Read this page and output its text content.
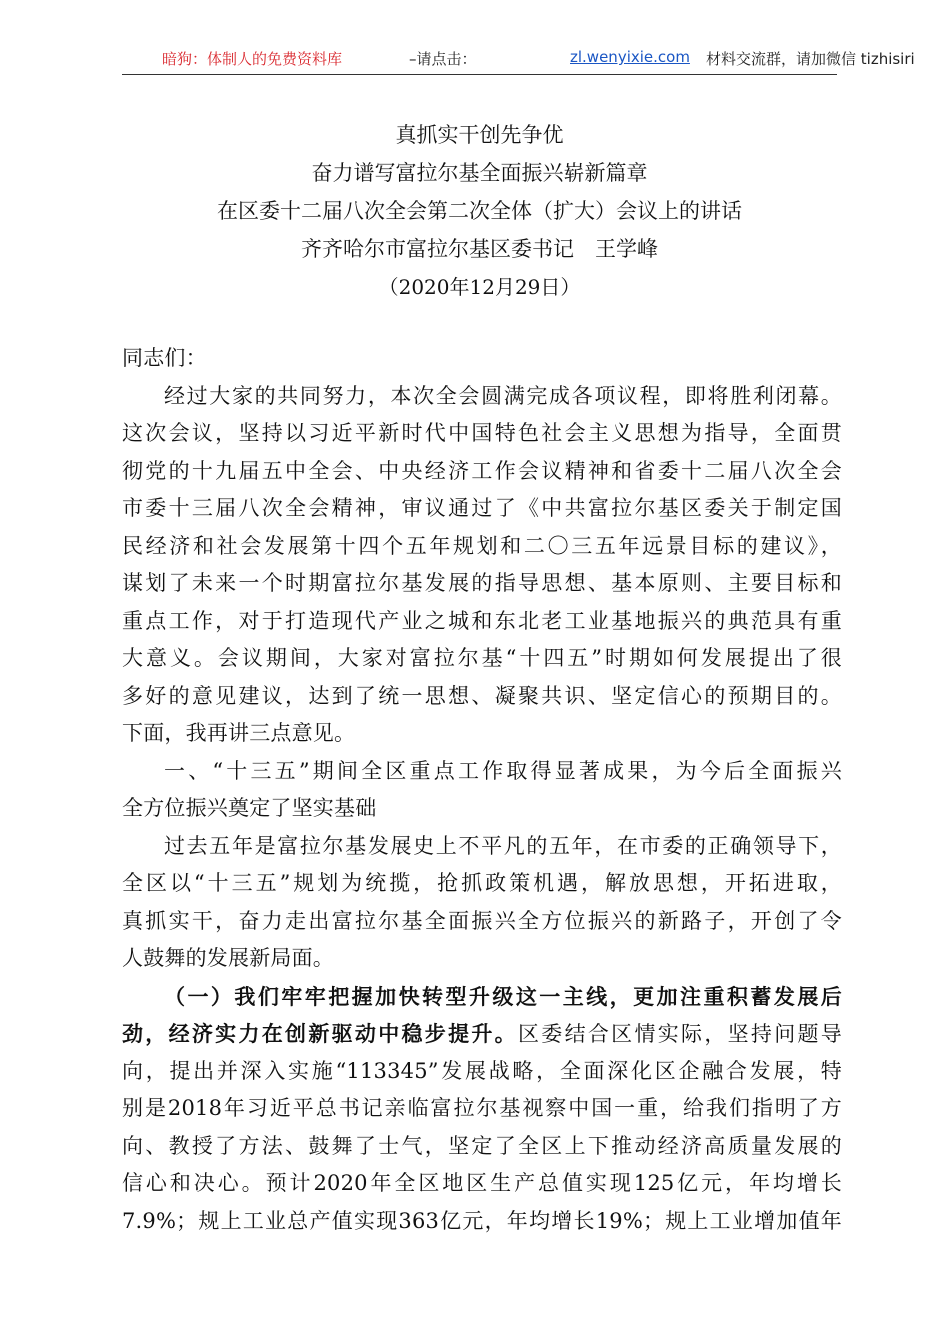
暗狗：体制人的免费资料库	–请点击：	zl.wenyixie.com 材料交流群，请加微信 tizhisiri
真抓实干创先争优
奋力谱写富拉尔基全面振兴崭新篇章
在区委十二届八次全会第二次全体（扩大）会议上的讲话
齐齐哈尔市富拉尔基区委书记　王学峰
（2020年12月29日）
同志们：
经过大家的共同努力，本次全会圆满完成各项议程，即将胜利闭幕。
这次会议，坚持以习近平新时代中国特色社会主义思想为指导，全面贯
彻党的十九届五中全会、中央经济工作会议精神和省委十二届八次全会
市委十三届八次全会精神，审议通过了《中共富拉尔基区委关于制定国
民经济和社会发展第十四个五年规划和二〇三五年远景目标的建议》，
谋划了未来一个时期富拉尔基发展的指导思想、基本原则、主要目标和
重点工作，对于打造现代产业之城和东北老工业基地振兴的典范具有重
大意义。会议期间，大家对富拉尔基“十四五”时期如何发展提出了很
多好的意见建议，达到了统一思想、凝聚共识、坚定信心的预期目的。
下面，我再讲三点意见。
一、“十三五”期间全区重点工作取得显著成果，为今后全面振兴
全方位振兴奠定了坚实基础
过去五年是富拉尔基发展史上不平凡的五年，在市委的正确领导下，
全区以“十三五”规划为统揽，抢抓政策机遇，解放思想，开拓进取，
真抓实干，奋力走出富拉尔基全面振兴全方位振兴的新路子，开创了令
人鼓舞的发展新局面。
（一）我们牢牢把握加快转型升级这一主线，更加注重积蓄发展后
劲，经济实力在创新驱动中稳步提升。区委结合区情实际，坚持问题导
向，提出并深入实施“113345”发展战略，全面深化区企融合发展，特
别是2018年习近平总书记亲临富拉尔基视察中国一重，给我们指明了方
向、教授了方法、鼓舞了士气，坚定了全区上下推动经济高质量发展的
信心和决心。预计2020年全区地区生产总值实现125亿元，年均增长
7.9%；规上工业总产值实现363亿元，年均增长19%；规上工业增加值年
